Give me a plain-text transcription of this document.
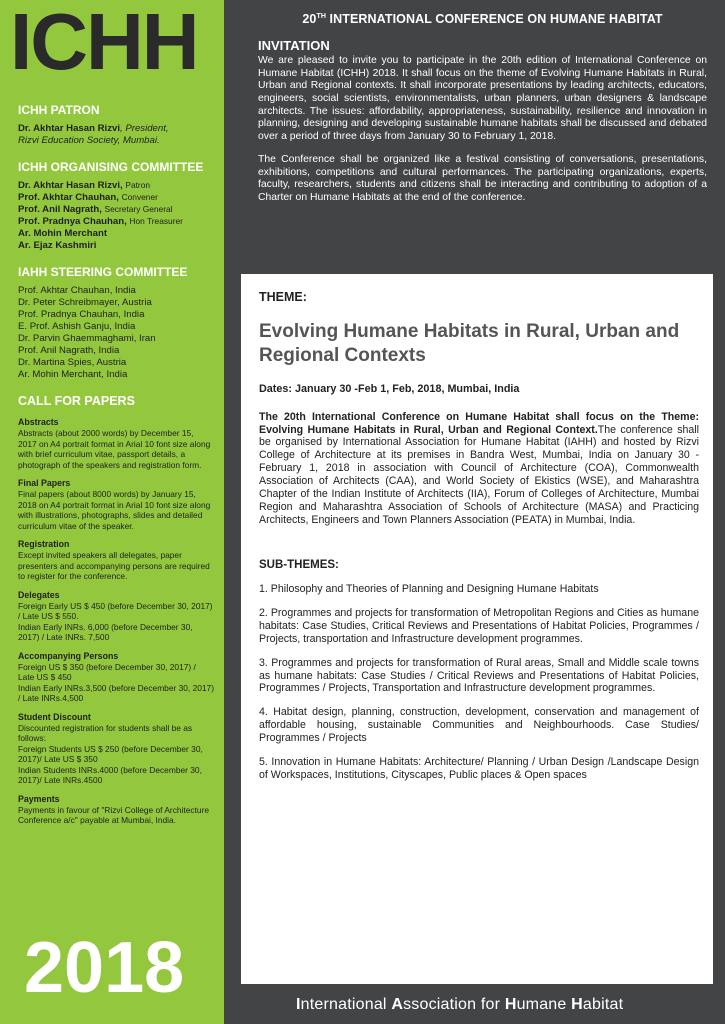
ICHH
ICHH PATRON
Dr. Akhtar Hasan Rizvi, President,
Rizvi Education Society, Mumbai.
ICHH ORGANISING COMMITTEE
Dr. Akhtar Hasan Rizvi, Patron
Prof. Akhtar Chauhan, Convener
Prof. Anil Nagrath, Secretary General
Prof. Pradnya Chauhan, Hon Treasurer
Ar. Mohin Merchant
Ar. Ejaz Kashmiri
IAHH STEERING COMMITTEE
Prof. Akhtar Chauhan, India
Dr. Peter Schreibmayer, Austria
Prof. Pradnya Chauhan, India
E. Prof. Ashish Ganju, India
Dr. Parvin Ghaemmaghami, Iran
Prof. Anil Nagrath, India
Dr. Martina Spies, Austria
Ar. Mohin Merchant, India
CALL FOR PAPERS
Abstracts
Abstracts (about 2000 words) by December 15, 2017 on A4 portrait format in Arial 10 font size along with brief curriculum vitae, passport details, a photograph of the speakers and registration form.
Final Papers
Final papers (about 8000 words) by January 15, 2018 on A4 portrait format in Arial 10 font size along with illustrations, photographs, slides and detailed curriculum vitae of the speaker.
Registration
Except invited speakers all delegates, paper presenters and accompanying persons are required to register for the conference.
Delegates
Foreign Early US $ 450 (before December 30, 2017) / Late US $ 550.
Indian Early INRs. 6,000 (before December 30, 2017) / Late INRs. 7,500
Accompanying Persons
Foreign US $ 350 (before December 30, 2017) / Late US $ 450
Indian Early INRs.3,500 (before December 30, 2017) / Late INRs.4,500
Student Discount
Discounted registration for students shall be as follows:
Foreign Students US $ 250 (before December 30, 2017)/ Late US $ 350
Indian Students INRs.4000 (before December 30, 2017)/ Late INRs.4500
Payments
Payments in favour of "Rizvi College of Architecture Conference a/c" payable at Mumbai, India.
2018
20TH INTERNATIONAL CONFERENCE ON HUMANE HABITAT
INVITATION

We are pleased to invite you to participate in the 20th edition of International Conference on Humane Habitat (ICHH) 2018. It shall focus on the theme of Evolving Humane Habitats in Rural, Urban and Regional contexts. It shall incorporate presentations by leading architects, educators, engineers, social scientists, environmentalists, urban planners, urban designers & landscape architects. The issues: affordability, appropriateness, sustainability, resilience and innovation in planning, designing and developing sustainable humane habitats shall be discussed and debated over a period of three days from January 30 to February 1, 2018.

The Conference shall be organized like a festival consisting of conversations, presentations, exhibitions, competitions and cultural performances. The participating organizations, experts, faculty, researchers, students and citizens shall be interacting and contributing to adoption of a Charter on Humane Habitats at the end of the conference.

THEME:
Evolving Humane Habitats in Rural, Urban and Regional Contexts
Dates: January 30 -Feb 1, Feb, 2018, Mumbai, India

The 20th International Conference on Humane Habitat shall focus on the Theme: Evolving Humane Habitats in Rural, Urban and Regional Context.The conference shall be organised by International Association for Humane Habitat (IAHH) and hosted by Rizvi College of Architecture at its premises in Bandra West, Mumbai, India on January 30 - February 1, 2018 in association with Council of Architecture (COA), Commonwealth Association of Architects (CAA), and World Society of Ekistics (WSE), and Maharashtra Chapter of the Indian Institute of Architects (IIA), Forum of Colleges of Architecture, Mumbai Region and Maharashtra Association of Schools of Architecture (MASA) and Practicing Architects, Engineers and Town Planners Association (PEATA) in Mumbai, India.

SUB-THEMES:

1. Philosophy and Theories of Planning and Designing Humane Habitats

2. Programmes and projects for transformation of Metropolitan Regions and Cities as humane habitats: Case Studies, Critical Reviews and Presentations of Habitat Policies, Programmes / Projects, transportation and Infrastructure development programmes.

3. Programmes and projects for transformation of Rural areas, Small and Middle scale towns as humane habitats: Case Studies / Critical Reviews and Presentations of Habitat Policies, Programmes / Projects, Transportation and Infrastructure development programmes.

4. Habitat design, planning, construction, development, conservation and management of affordable housing, sustainable Communities and Neighbourhoods. Case Studies/ Programmes / Projects

5. Innovation in Humane Habitats: Architecture/ Planning / Urban Design /Landscape Design of Workspaces, Institutions, Cityscapes, Public places & Open spaces

International Association for Humane Habitat
